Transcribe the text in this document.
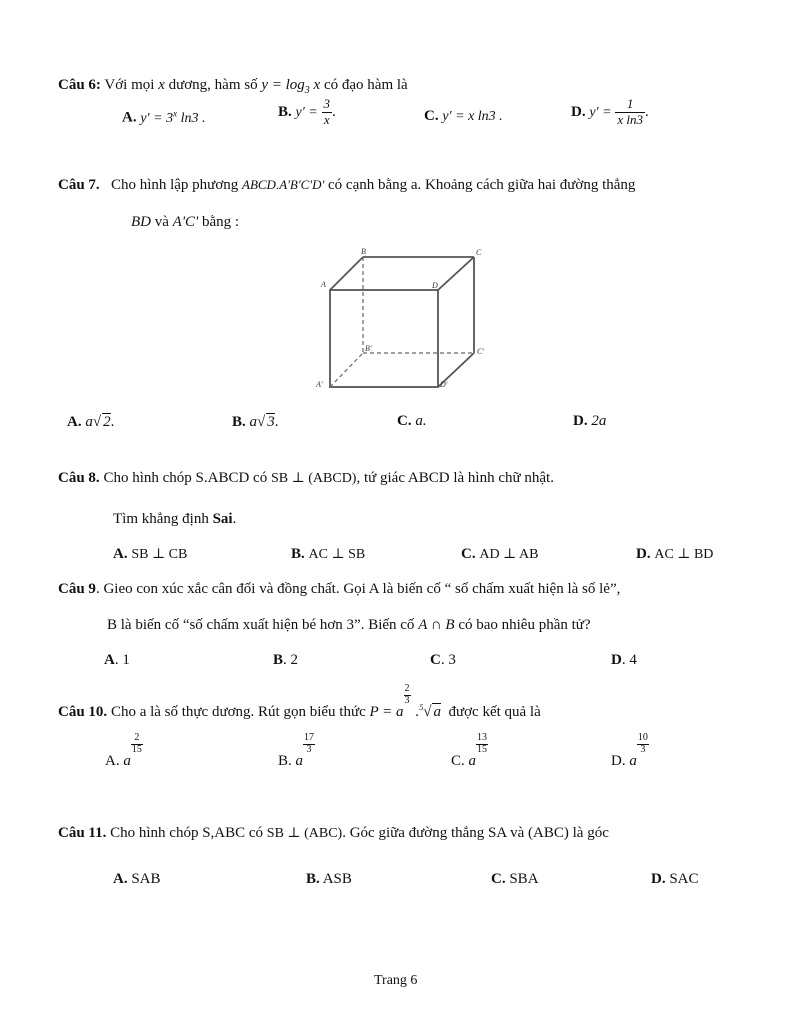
Câu 6: Với mọi x dương, hàm số $y = \log_3 x$ có đạo hàm là
A. $y' = 3^x$ ln3 .	B. $y' = \frac{3}{x}$ .	C. y′ = x ln3 .	D. $y' = \frac{1}{\text{x ln3}}$ .
Câu 7. Cho hình lập phương ABCD.A'B'C'D' có cạnh bằng a. Khoảng cách giữa hai đường thẳng
BD và A'C' bằng :
B	C
A	D
B'	C'
A'	D'
A. a√ 2.	B. a√ 3.	C. a.	D. 2a
Câu 8. Cho hình chóp S.ABCD có SB ⊥ (ABCD), tứ giác ABCD là hình chữ nhật.
Tìm khẳng định Sai.
A. SB ⊥ CB	B. AC ⊥ SB	C. AD ⊥ AB	D. AC ⊥ BD
Câu 9. Gieo con xúc xắc cân đối và đồng chất. Gọi A là biến cố “ số chấm xuất hiện là số lẻ”,
B là biến cố “số chấm xuất hiện bé hơn 3”. Biến cố A ∩ B có bao nhiêu phần tử?
A. 1	B. 2	C. 3	D. 4
Câu 10. Cho a là số thực dương. Rút gọn biểu thức P = a
2
3
.$^5$√ a được kết quả là
A. a
2
15
B. a
17
3
C. a
13
15
D. a
10
3
Câu 11. Cho hình chóp S,ABC có SB ⊥ (ABC). Góc giữa đường thẳng SA và (ABC) là góc
A. SAB	B. ASB	C. SBA	D. SAC
Trang 6
